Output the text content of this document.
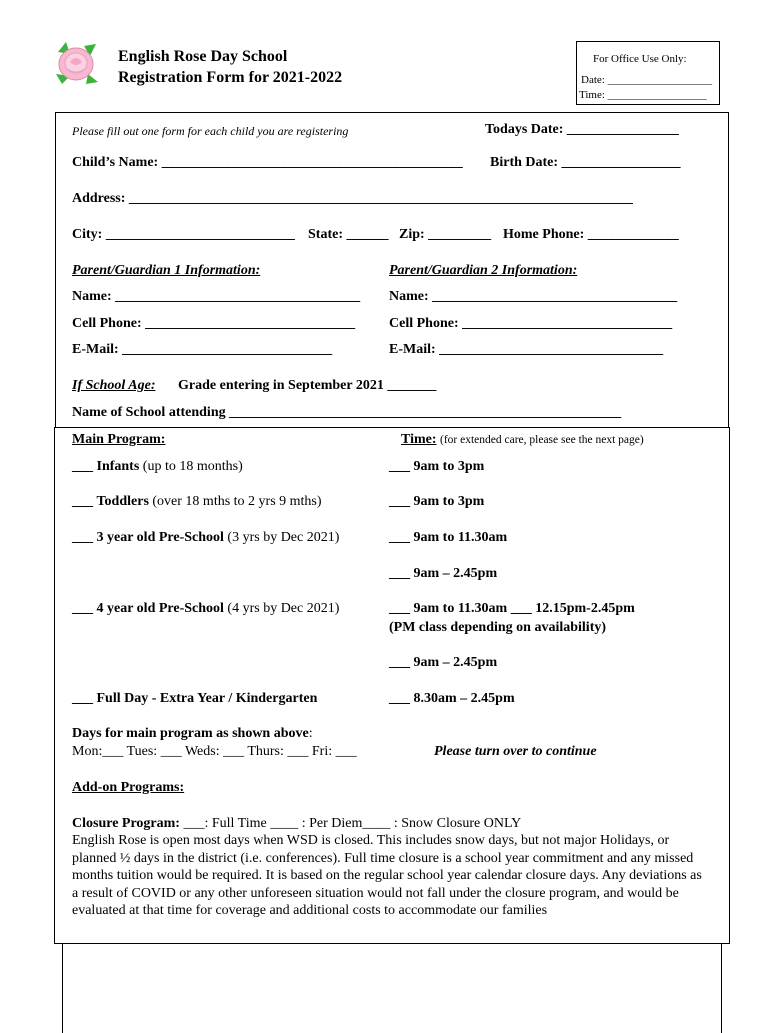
English Rose Day School
Registration Form for 2021-2022
For Office Use Only:
Date: ___________________
Time: __________________
Please fill out one form for each child you are registering	Todays Date: ________________
Child’s Name: ___________________________________________ Birth Date: _________________
Address: ________________________________________________________________________
City: ___________________________ State: ______ Zip: _________ Home Phone: _____________
Parent/Guardian 1 Information:	Parent/Guardian 2 Information:
Name: ___________________________________ Name: ___________________________________
Cell Phone: ______________________________ Cell Phone: ______________________________
E-Mail: ______________________________	E-Mail: ________________________________
If School Age: Grade entering in September 2021 _______
Name of School attending ________________________________________________________
Main Program:	Time: (for extended care, please see the next page)
___ Infants (up to 18 months)	___ 9am to 3pm
___ Toddlers (over 18 mths to 2 yrs 9 mths)	___ 9am to 3pm
___ 3 year old Pre-School (3 yrs by Dec 2021)	___ 9am to 11.30am
___ 9am – 2.45pm
___ 4 year old Pre-School (4 yrs by Dec 2021)	___ 9am to 11.30am ___ 12.15pm-2.45pm
(PM class depending on availability)
___ 9am – 2.45pm
___ Full Day - Extra Year / Kindergarten	___ 8.30am – 2.45pm
Days for main program as shown above:
Mon:___ Tues: ___ Weds: ___ Thurs: ___ Fri: ___	Please turn over to continue
Add-on Programs:
Closure Program: ___: Full Time ____ : Per Diem____ : Snow Closure ONLY
English Rose is open most days when WSD is closed. This includes snow days, but not major Holidays, or planned ½ days in the district (i.e. conferences). Full time closure is a school year commitment and any missed months tuition would be required. It is based on the regular school year calendar closure days. Any deviations as a result of COVID or any other unforeseen situation would not fall under the closure program, and would be evaluated at that time for coverage and additional costs to accommodate our families
